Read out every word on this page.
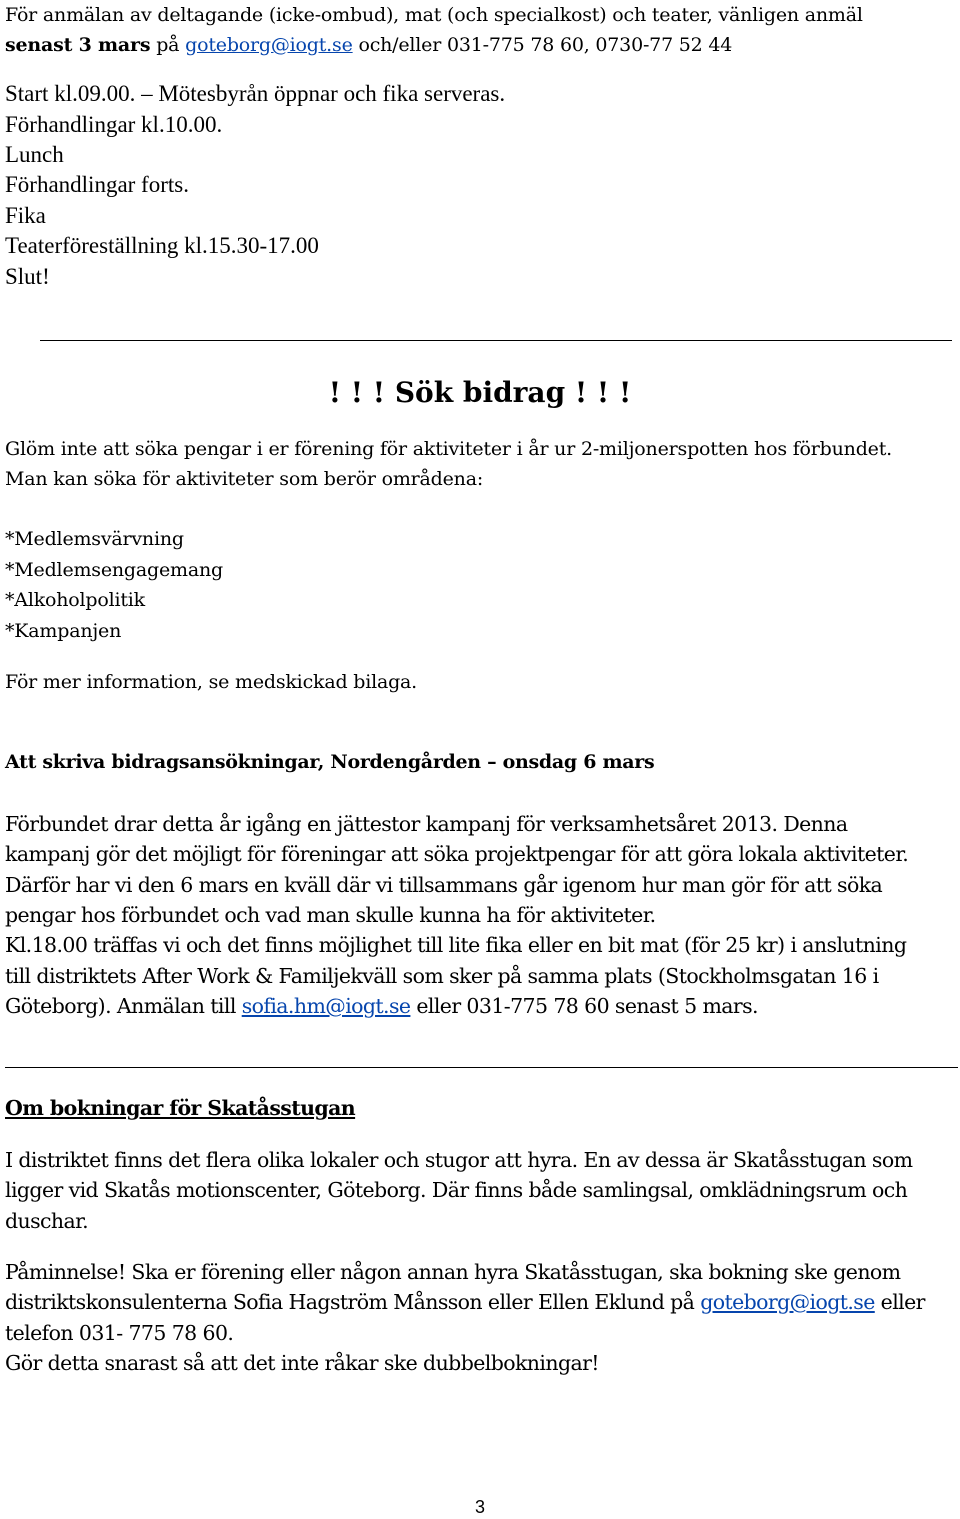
För anmälan av deltagande (icke-ombud), mat (och specialkost) och teater, vänligen anmäl
senast 3 mars på goteborg@iogt.se och/eller 031-775 78 60, 0730-77 52 44
Start kl.09.00. – Mötesbyrån öppnar och fika serveras.
Förhandlingar kl.10.00.
Lunch
Förhandlingar forts.
Fika
Teaterföreställning kl.15.30-17.00
Slut!
! ! ! Sök bidrag ! ! !
Glöm inte att söka pengar i er förening för aktiviteter i år ur 2-miljonerspotten hos förbundet.
Man kan söka för aktiviteter som berör områdena:
*Medlemsvärvning
*Medlemsengagemang
*Alkoholpolitik
*Kampanjen
För mer information, se medskickad bilaga.
Att skriva bidragsansökningar, Nordengården – onsdag 6 mars
Förbundet drar detta år igång en jättestor kampanj för verksamhetsåret 2013. Denna
kampanj gör det möjligt för föreningar att söka projektpengar för att göra lokala aktiviteter.
Därför har vi den 6 mars en kväll där vi tillsammans går igenom hur man gör för att söka
pengar hos förbundet och vad man skulle kunna ha för aktiviteter.
Kl.18.00 träffas vi och det finns möjlighet till lite fika eller en bit mat (för 25 kr) i anslutning
till distriktets After Work & Familjekväll som sker på samma plats (Stockholmsgatan 16 i
Göteborg). Anmälan till sofia.hm@iogt.se eller 031-775 78 60 senast 5 mars.
Om bokningar för Skatåsstugan
I distriktet finns det flera olika lokaler och stugor att hyra. En av dessa är Skatåsstugan som
ligger vid Skatås motionscenter, Göteborg. Där finns både samlingsal, omklädningsrum och
duschar.
Påminnelse! Ska er förening eller någon annan hyra Skatåsstugan, ska bokning ske genom
distriktskonsulenterna Sofia Hagström Månsson eller Ellen Eklund på goteborg@iogt.se eller
telefon 031- 775 78 60.
Gör detta snarast så att det inte råkar ske dubbelbokningar!
3
